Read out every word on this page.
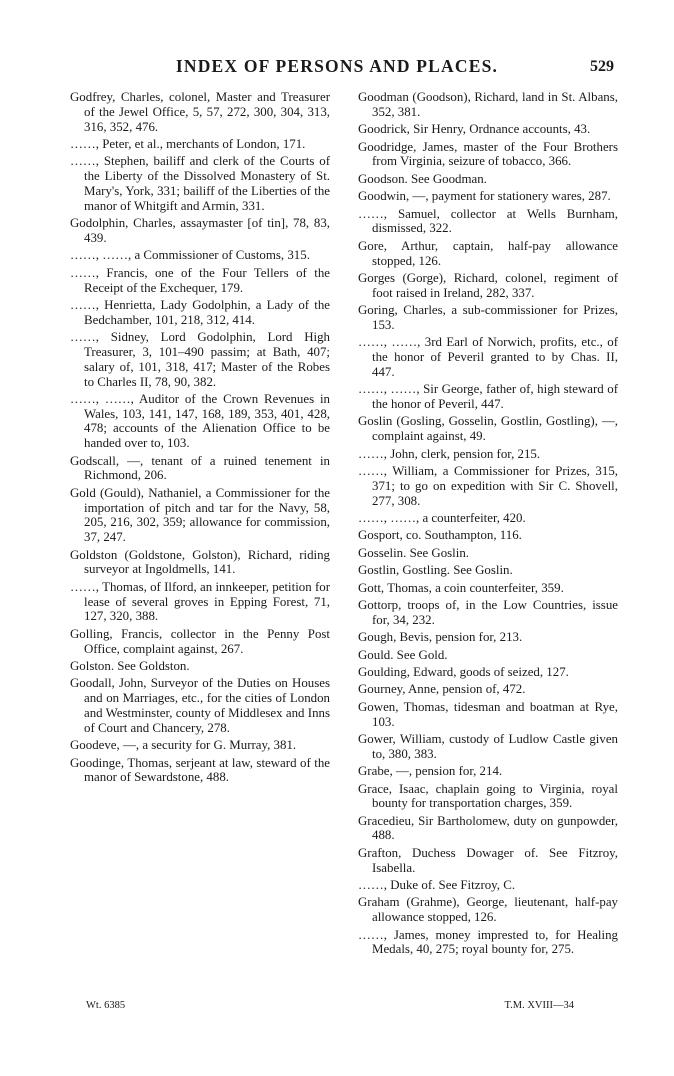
INDEX OF PERSONS AND PLACES.	529
Godfrey, Charles, colonel, Master and Treasurer of the Jewel Office, 5, 57, 272, 300, 304, 313, 316, 352, 476.
……, Peter, et al., merchants of London, 171.
……, Stephen, bailiff and clerk of the Courts of the Liberty of the Dissolved Monastery of St. Mary's, York, 331; bailiff of the Liberties of the manor of Whitgift and Armin, 331.
Godolphin, Charles, assaymaster [of tin], 78, 83, 439.
……, ……, a Commissioner of Customs, 315.
……, Francis, one of the Four Tellers of the Receipt of the Exchequer, 179.
……, Henrietta, Lady Godolphin, a Lady of the Bedchamber, 101, 218, 312, 414.
……, Sidney, Lord Godolphin, Lord High Treasurer, 3, 101–490 passim; at Bath, 407; salary of, 101, 318, 417; Master of the Robes to Charles II, 78, 90, 382.
……, ……, Auditor of the Crown Revenues in Wales, 103, 141, 147, 168, 189, 353, 401, 428, 478; accounts of the Alienation Office to be handed over to, 103.
Godscall, —, tenant of a ruined tenement in Richmond, 206.
Gold (Gould), Nathaniel, a Commissioner for the importation of pitch and tar for the Navy, 58, 205, 216, 302, 359; allowance for commission, 37, 247.
Goldston (Goldstone, Golston), Richard, riding surveyor at Ingoldmells, 141.
……, Thomas, of Ilford, an innkeeper, petition for lease of several groves in Epping Forest, 71, 127, 320, 388.
Golling, Francis, collector in the Penny Post Office, complaint against, 267.
Golston. See Goldston.
Goodall, John, Surveyor of the Duties on Houses and on Marriages, etc., for the cities of London and Westminster, county of Middlesex and Inns of Court and Chancery, 278.
Goodeve, —, a security for G. Murray, 381.
Goodinge, Thomas, serjeant at law, steward of the manor of Sewardstone, 488.
Goodman (Goodson), Richard, land in St. Albans, 352, 381.
Goodrick, Sir Henry, Ordnance accounts, 43.
Goodridge, James, master of the Four Brothers from Virginia, seizure of tobacco, 366.
Goodson. See Goodman.
Goodwin, —, payment for stationery wares, 287.
……, Samuel, collector at Wells Burnham, dismissed, 322.
Gore, Arthur, captain, half-pay allowance stopped, 126.
Gorges (Gorge), Richard, colonel, regiment of foot raised in Ireland, 282, 337.
Goring, Charles, a sub-commissioner for Prizes, 153.
……, ……, 3rd Earl of Norwich, profits, etc., of the honor of Peveril granted to by Chas. II, 447.
……, ……, Sir George, father of, high steward of the honor of Peveril, 447.
Goslin (Gosling, Gosselin, Gostlin, Gostling), —, complaint against, 49.
……, John, clerk, pension for, 215.
……, William, a Commissioner for Prizes, 315, 371; to go on expedition with Sir C. Shovell, 277, 308.
……, ……, a counterfeiter, 420.
Gosport, co. Southampton, 116.
Gosselin. See Goslin.
Gostlin, Gostling. See Goslin.
Gott, Thomas, a coin counterfeiter, 359.
Gottorp, troops of, in the Low Countries, issue for, 34, 232.
Gough, Bevis, pension for, 213.
Gould. See Gold.
Goulding, Edward, goods of seized, 127.
Gourney, Anne, pension of, 472.
Gowen, Thomas, tidesman and boatman at Rye, 103.
Gower, William, custody of Ludlow Castle given to, 380, 383.
Grabe, —, pension for, 214.
Grace, Isaac, chaplain going to Virginia, royal bounty for transportation charges, 359.
Gracedieu, Sir Bartholomew, duty on gunpowder, 488.
Grafton, Duchess Dowager of. See Fitzroy, Isabella.
……, Duke of. See Fitzroy, C.
Graham (Grahme), George, lieutenant, half-pay allowance stopped, 126.
……, James, money imprested to, for Healing Medals, 40, 275; royal bounty for, 275.
Wt. 6385	T.M. XVIII—34
